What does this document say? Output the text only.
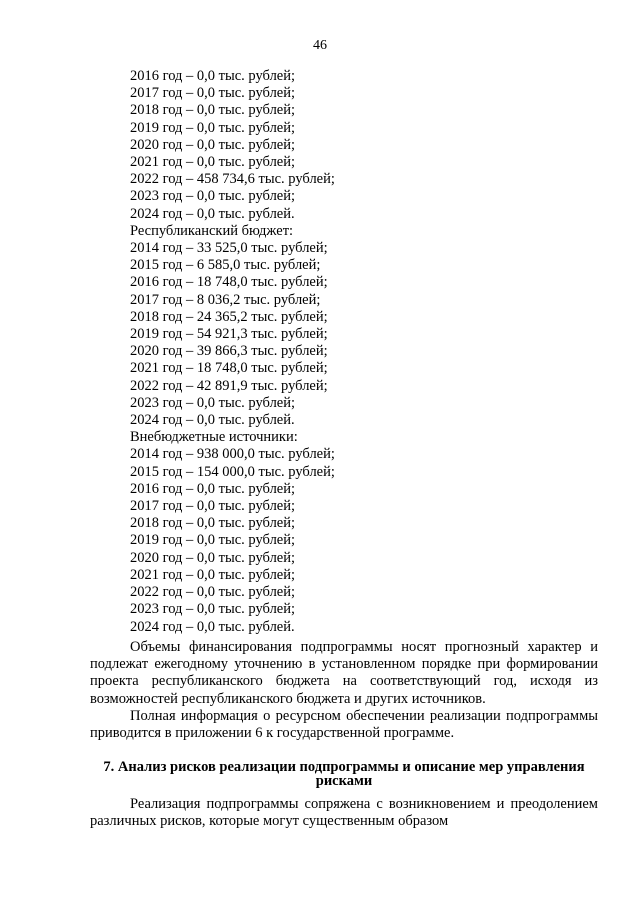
46
2016 год – 0,0 тыс. рублей;
2017 год – 0,0 тыс. рублей;
2018 год – 0,0 тыс. рублей;
2019 год – 0,0 тыс. рублей;
2020 год – 0,0 тыс. рублей;
2021 год – 0,0 тыс. рублей;
2022 год – 458 734,6 тыс. рублей;
2023 год – 0,0 тыс. рублей;
2024 год – 0,0 тыс. рублей.
Республиканский бюджет:
2014 год – 33 525,0 тыс. рублей;
2015 год – 6 585,0 тыс. рублей;
2016 год – 18 748,0 тыс. рублей;
2017 год – 8 036,2 тыс. рублей;
2018 год – 24 365,2 тыс. рублей;
2019 год – 54 921,3 тыс. рублей;
2020 год – 39 866,3 тыс. рублей;
2021 год – 18 748,0 тыс. рублей;
2022 год – 42 891,9 тыс. рублей;
2023 год – 0,0 тыс. рублей;
2024 год – 0,0 тыс. рублей.
Внебюджетные источники:
2014 год – 938 000,0 тыс. рублей;
2015 год – 154 000,0 тыс. рублей;
2016 год – 0,0 тыс. рублей;
2017 год – 0,0 тыс. рублей;
2018 год – 0,0 тыс. рублей;
2019 год – 0,0 тыс. рублей;
2020 год – 0,0 тыс. рублей;
2021 год – 0,0 тыс. рублей;
2022 год – 0,0 тыс. рублей;
2023 год – 0,0 тыс. рублей;
2024 год – 0,0 тыс. рублей.
Объемы финансирования подпрограммы носят прогнозный характер и подлежат ежегодному уточнению в установленном порядке при формировании проекта республиканского бюджета на соответствующий год, исходя из возможностей республиканского бюджета и других источников.
Полная информация о ресурсном обеспечении реализации подпрограммы приводится в приложении 6 к государственной программе.
7. Анализ рисков реализации подпрограммы и описание мер управления рисками
Реализация подпрограммы сопряжена с возникновением и преодолением различных рисков, которые могут существенным образом
